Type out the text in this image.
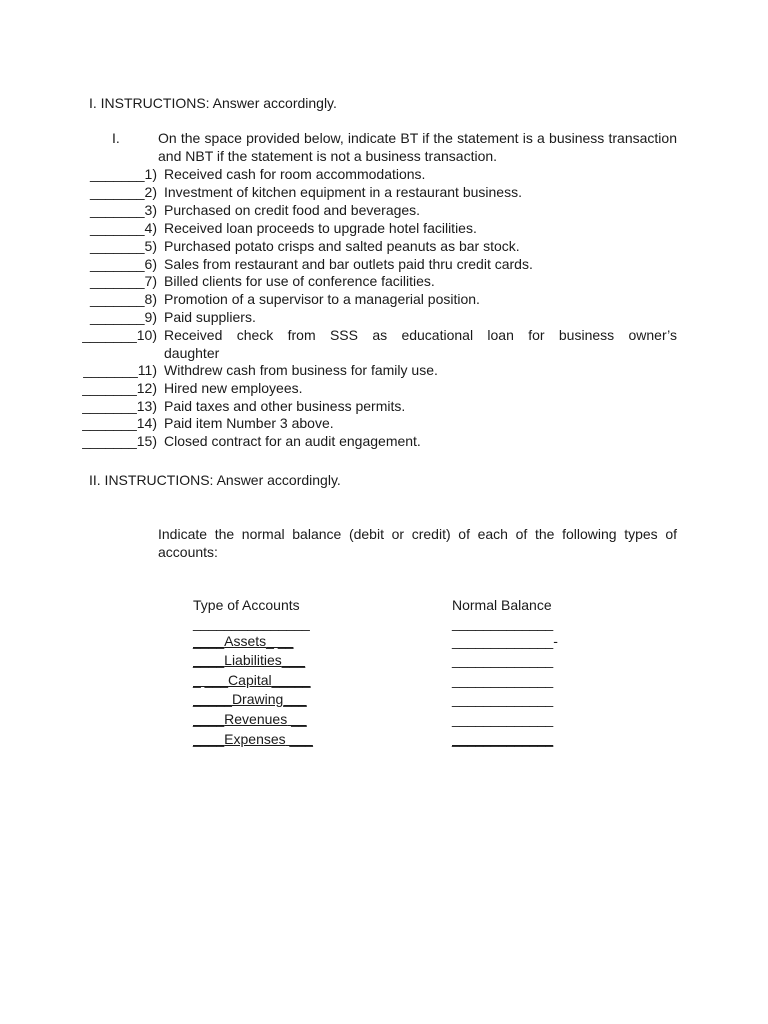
I. INSTRUCTIONS: Answer accordingly.
I.	On the space provided below, indicate BT if the statement is a business transaction and NBT if the statement is not a business transaction.
_______1) Received cash for room accommodations.
_______2) Investment of kitchen equipment in a restaurant business.
_______3) Purchased on credit food and beverages.
_______4) Received loan proceeds to upgrade hotel facilities.
_______5) Purchased potato crisps and salted peanuts as bar stock.
_______6) Sales from restaurant and bar outlets paid thru credit cards.
_______7) Billed clients for use of conference facilities.
_______8) Promotion of a supervisor to a managerial position.
_______9) Paid suppliers.
_______10) Received check from SSS as educational loan for business owner’s
daughter
_______11) Withdrew cash from business for family use.
_______12) Hired new employees.
_______13) Paid taxes and other business permits.
_______14) Paid item Number 3 above.
_______15) Closed contract for an audit engagement.
II. INSTRUCTIONS: Answer accordingly.
Indicate the normal balance (debit or credit) of each of the following types of accounts:
Type of Accounts	Normal Balance
_______________
____Assets_ __
____Liabilities___
_ ___Capital_____
_____Drawing___
____Revenues __
____Expenses ___
_____________
_____________-
_____________
_____________
_____________
_____________
_____________
